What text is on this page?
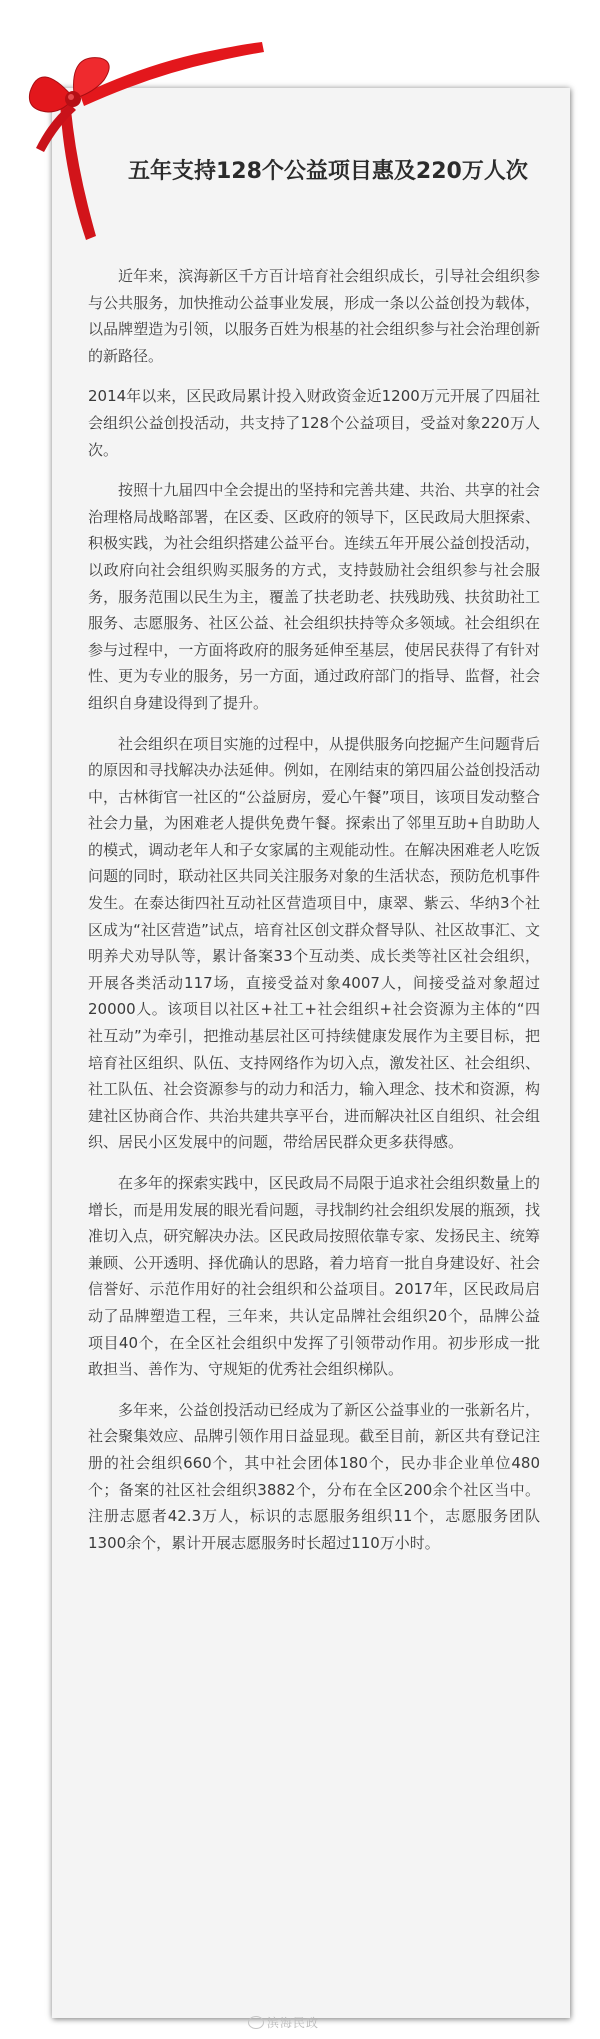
五年支持128个公益项目惠及220万人次

近年来，滨海新区千方百计培育社会组织成长，引导社会组织参与公共服务，加快推动公益事业发展，形成一条以公益创投为载体，以品牌塑造为引领，以服务百姓为根基的社会组织参与社会治理创新的新路径。

2014年以来，区民政局累计投入财政资金近1200万元开展了四届社会组织公益创投活动，共支持了128个公益项目，受益对象220万人次。

按照十九届四中全会提出的坚持和完善共建、共治、共享的社会治理格局战略部署，在区委、区政府的领导下，区民政局大胆探索、积极实践，为社会组织搭建公益平台。连续五年开展公益创投活动，以政府向社会组织购买服务的方式，支持鼓励社会组织参与社会服务，服务范围以民生为主，覆盖了扶老助老、扶残助残、扶贫助社工服务、志愿服务、社区公益、社会组织扶持等众多领域。社会组织在参与过程中，一方面将政府的服务延伸至基层，使居民获得了有针对性、更为专业的服务，另一方面，通过政府部门的指导、监督，社会组织自身建设得到了提升。

社会组织在项目实施的过程中，从提供服务向挖掘产生问题背后的原因和寻找解决办法延伸。例如，在刚结束的第四届公益创投活动中，古林街官一社区的“公益厨房，爱心午餐”项目，该项目发动整合社会力量，为困难老人提供免费午餐。探索出了邻里互助+自助助人的模式，调动老年人和子女家属的主观能动性。在解决困难老人吃饭问题的同时，联动社区共同关注服务对象的生活状态，预防危机事件发生。在泰达街四社互动社区营造项目中，康翠、紫云、华纳3个社区成为“社区营造”试点，培育社区创文群众督导队、社区故事汇、文明养犬劝导队等，累计备案33个互动类、成长类等社区社会组织，开展各类活动117场，直接受益对象4007人，间接受益对象超过20000人。该项目以社区+社工+社会组织+社会资源为主体的“四社互动”为牵引，把推动基层社区可持续健康发展作为主要目标，把培育社区组织、队伍、支持网络作为切入点，激发社区、社会组织、社工队伍、社会资源参与的动力和活力，输入理念、技术和资源，构建社区协商合作、共治共建共享平台，进而解决社区自组织、社会组织、居民小区发展中的问题，带给居民群众更多获得感。

在多年的探索实践中，区民政局不局限于追求社会组织数量上的增长，而是用发展的眼光看问题，寻找制约社会组织发展的瓶颈，找准切入点，研究解决办法。区民政局按照依靠专家、发扬民主、统筹兼顾、公开透明、择优确认的思路，着力培育一批自身建设好、社会信誉好、示范作用好的社会组织和公益项目。2017年，区民政局启动了品牌塑造工程，三年来，共认定品牌社会组织20个，品牌公益项目40个，在全区社会组织中发挥了引领带动作用。初步形成一批敢担当、善作为、守规矩的优秀社会组织梯队。

多年来，公益创投活动已经成为了新区公益事业的一张新名片，社会聚集效应、品牌引领作用日益显现。截至目前，新区共有登记注册的社会组织660个，其中社会团体180个，民办非企业单位480个；备案的社区社会组织3882个，分布在全区200余个社区当中。注册志愿者42.3万人，标识的志愿服务组织11个，志愿服务团队1300余个，累计开展志愿服务时长超过110万小时。

滨海民政
